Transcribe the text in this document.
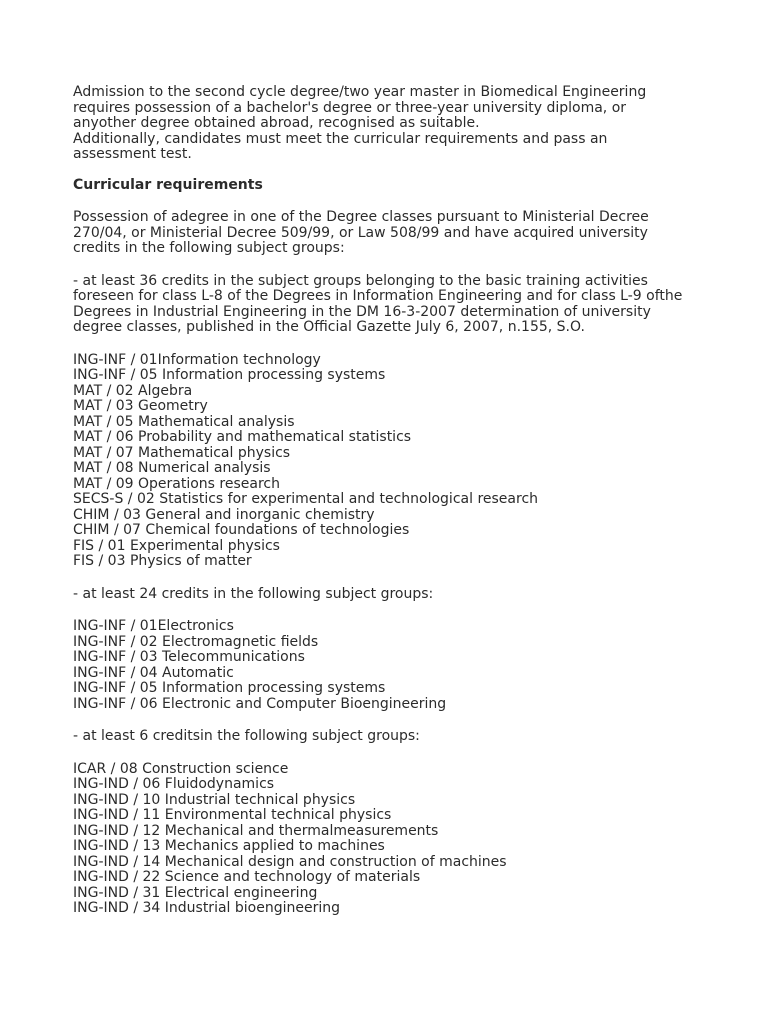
Admission to the second cycle degree/two year master in Biomedical Engineering
requires possession of a bachelor's degree or three-year university diploma, or
anyother degree obtained abroad, recognised as suitable.
Additionally, candidates must meet the curricular requirements and pass an
assessment test.
Curricular requirements
Possession of adegree in one of the Degree classes pursuant to Ministerial Decree
270/04, or Ministerial Decree 509/99, or Law 508/99 and have acquired university
credits in the following subject groups:
- at least 36 credits in the subject groups belonging to the basic training activities
foreseen for class L-8 of the Degrees in Information Engineering and for class L-9 ofthe
Degrees in Industrial Engineering in the DM 16-3-2007 determination of university
degree classes, published in the Official Gazette July 6, 2007, n.155, S.O.
ING-INF / 01Information technology
ING-INF / 05 Information processing systems
MAT / 02 Algebra
MAT / 03 Geometry
MAT / 05 Mathematical analysis
MAT / 06 Probability and mathematical statistics
MAT / 07 Mathematical physics
MAT / 08 Numerical analysis
MAT / 09 Operations research
SECS-S / 02 Statistics for experimental and technological research
CHIM / 03 General and inorganic chemistry
CHIM / 07 Chemical foundations of technologies
FIS / 01 Experimental physics
FIS / 03 Physics of matter
- at least 24 credits in the following subject groups:
ING-INF / 01Electronics
ING-INF / 02 Electromagnetic fields
ING-INF / 03 Telecommunications
ING-INF / 04 Automatic
ING-INF / 05 Information processing systems
ING-INF / 06 Electronic and Computer Bioengineering
- at least 6 creditsin the following subject groups:
ICAR / 08 Construction science
ING-IND / 06 Fluidodynamics
ING-IND / 10 Industrial technical physics
ING-IND / 11 Environmental technical physics
ING-IND / 12 Mechanical and thermalmeasurements
ING-IND / 13 Mechanics applied to machines
ING-IND / 14 Mechanical design and construction of machines
ING-IND / 22 Science and technology of materials
ING-IND / 31 Electrical engineering
ING-IND / 34 Industrial bioengineering
